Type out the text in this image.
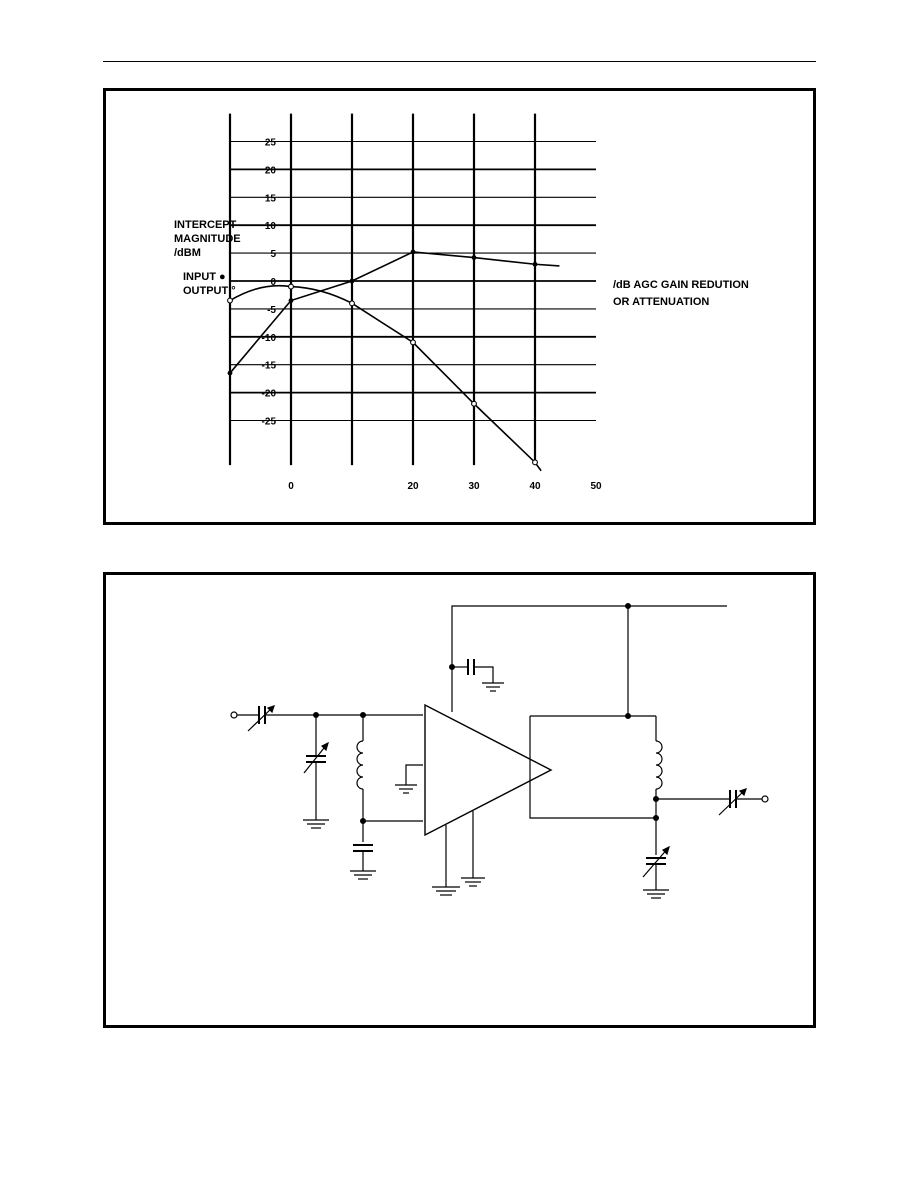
25
20
15
10
5
0
-5
-10
-15
-20
-25
0	20	30	40	50
INTERCEPT
MAGNITUDE
/dBM
INPUT ●
OUTPUT °	/dB AGC GAIN REDUTION
OR ATTENUATION
